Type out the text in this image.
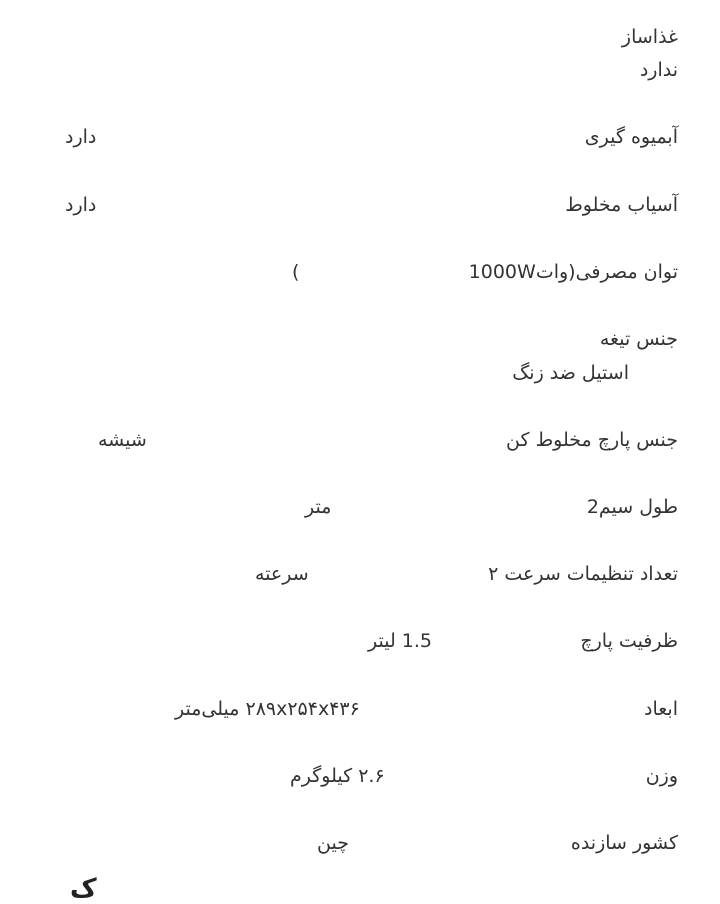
غذاساز
ندارد
آبمیوه گیری
دارد
آسیاب مخلوط
دارد
توان مصرفی(وات1000W
)
جنس تیغه
استیل ضد زنگ
جنس پارچ مخلوط کن
شیشه
طول سیم2
متر
تعداد تنظیمات سرعت ۲
سرعته
ظرفیت پارچ
1.5 لیتر
ابعاد
۲۸۹x۲۵۴x۴۳۶ میلی‌متر
وزن
۲.۶ کیلوگرم
کشور سازنده
چین
ک
